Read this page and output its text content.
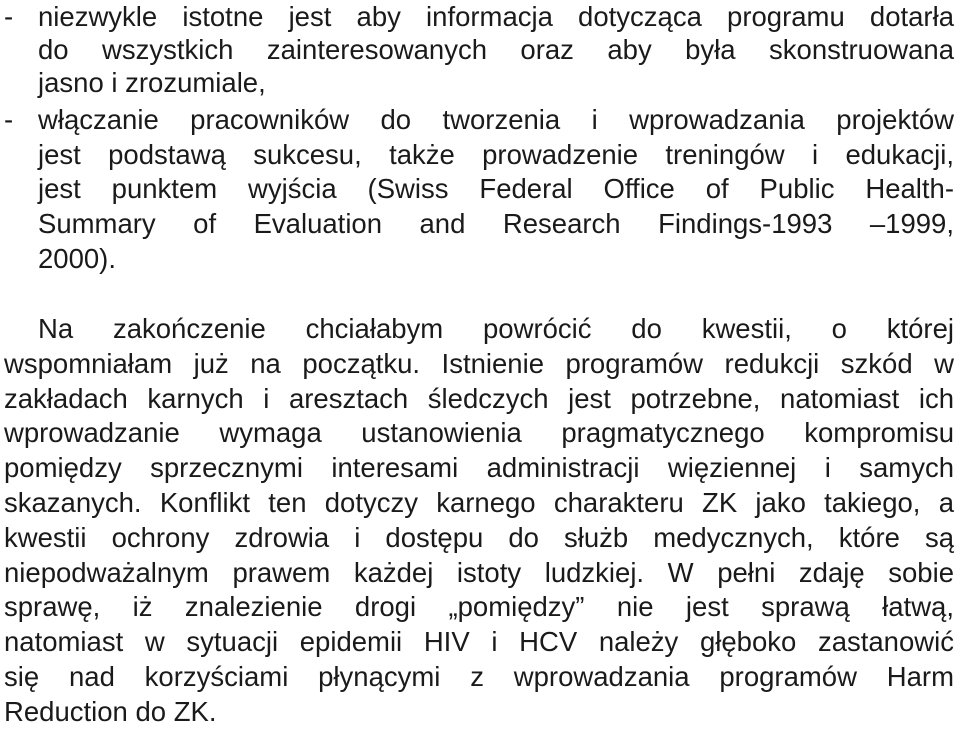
- niezwykle istotne jest aby informacja dotycząca programu dotarła
do wszystkich zainteresowanych oraz aby była skonstruowana
jasno i zrozumiale,
- włączanie pracowników do tworzenia i wprowadzania projektów
jest podstawą sukcesu, także prowadzenie treningów i edukacji,
jest punktem wyjścia (Swiss Federal Office of Public Health-
Summary of Evaluation and Research Findings-1993 –1999,
2000).
Na zakończenie chciałabym powrócić do kwestii, o której
wspomniałam już na początku. Istnienie programów redukcji szkód w
zakładach karnych i aresztach śledczych jest potrzebne, natomiast ich
wprowadzanie wymaga ustanowienia pragmatycznego kompromisu
pomiędzy sprzecznymi interesami administracji więziennej i samych
skazanych. Konflikt ten dotyczy karnego charakteru ZK jako takiego, a
kwestii ochrony zdrowia i dostępu do służb medycznych, które są
niepodważalnym prawem każdej istoty ludzkiej. W pełni zdaję sobie
sprawę, iż znalezienie drogi „pomiędzy” nie jest sprawą łatwą,
natomiast w sytuacji epidemii HIV i HCV należy głęboko zastanowić
się nad korzyściami płynącymi z wprowadzania programów Harm
Reduction do ZK.
